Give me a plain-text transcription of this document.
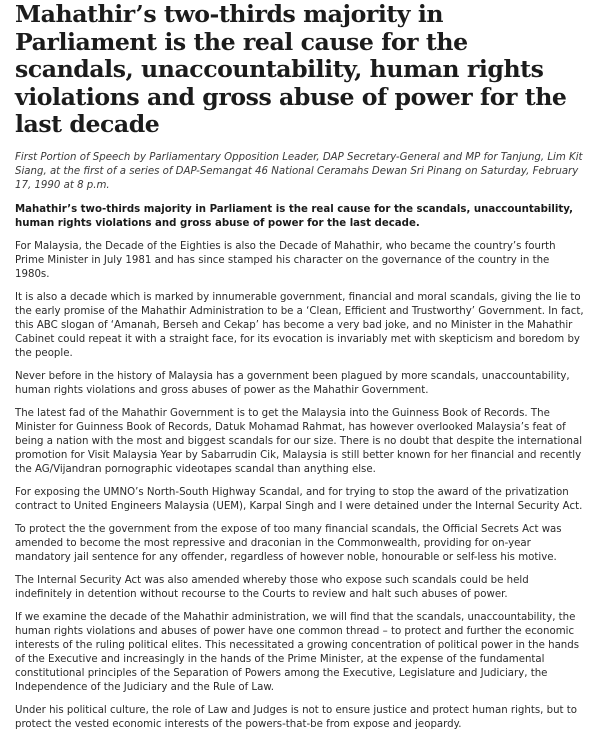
Mahathir’s two-thirds majority in Parliament is the real cause for the scandals, unaccountability, human rights violations and gross abuse of power for the last decade

First Portion of Speech by Parliamentary Opposition Leader, DAP Secretary-General and MP for Tanjung, Lim Kit Siang, at the first of a series of DAP-Semangat 46 National Ceramahs Dewan Sri Pinang on Saturday, February 17, 1990 at 8 p.m.

Mahathir’s two-thirds majority in Parliament is the real cause for the scandals, unaccountability, human rights violations and gross abuse of power for the last decade.

For Malaysia, the Decade of the Eighties is also the Decade of Mahathir, who became the country’s fourth Prime Minister in July 1981 and has since stamped his character on the governance of the country in the 1980s.

It is also a decade which is marked by innumerable government, financial and moral scandals, giving the lie to the early promise of the Mahathir Administration to be a ‘Clean, Efficient and Trustworthy’ Government. In fact, this ABC slogan of ‘Amanah, Berseh and Cekap’ has become a very bad joke, and no Minister in the Mahathir Cabinet could repeat it with a straight face, for its evocation is invariably met with skepticism and boredom by the people.

Never before in the history of Malaysia has a government been plagued by more scandals, unaccountability, human rights violations and gross abuses of power as the Mahathir Government.

The latest fad of the Mahathir Government is to get the Malaysia into the Guinness Book of Records. The Minister for Guinness Book of Records, Datuk Mohamad Rahmat, has however overlooked Malaysia’s feat of being a nation with the most and biggest scandals for our size. There is no doubt that despite the international promotion for Visit Malaysia Year by Sabarrudin Cik, Malaysia is still better known for her financial and recently the AG/Vijandran pornographic videotapes scandal than anything else.

For exposing the UMNO’s North-South Highway Scandal, and for trying to stop the award of the privatization contract to United Engineers Malaysia (UEM), Karpal Singh and I were detained under the Internal Security Act.

To protect the the government from the expose of too many financial scandals, the Official Secrets Act was amended to become the most repressive and draconian in the Commonwealth, providing for on-year mandatory jail sentence for any offender, regardless of however noble, honourable or self-less his motive.

The Internal Security Act was also amended whereby those who expose such scandals could be held indefinitely in detention without recourse to the Courts to review and halt such abuses of power.

If we examine the decade of the Mahathir administration, we will find that the scandals, unaccountability, the human rights violations and abuses of power have one common thread – to protect and further the economic interests of the ruling political elites. This necessitated a growing concentration of political power in the hands of the Executive and increasingly in the hands of the Prime Minister, at the expense of the fundamental constitutional principles of the Separation of Powers among the Executive, Legislature and Judiciary, the Independence of the Judiciary and the Rule of Law.

Under his political culture, the role of Law and Judges is not to ensure justice and protect human rights, but to protect the vested economic interests of the powers-that-be from expose and jeopardy.
